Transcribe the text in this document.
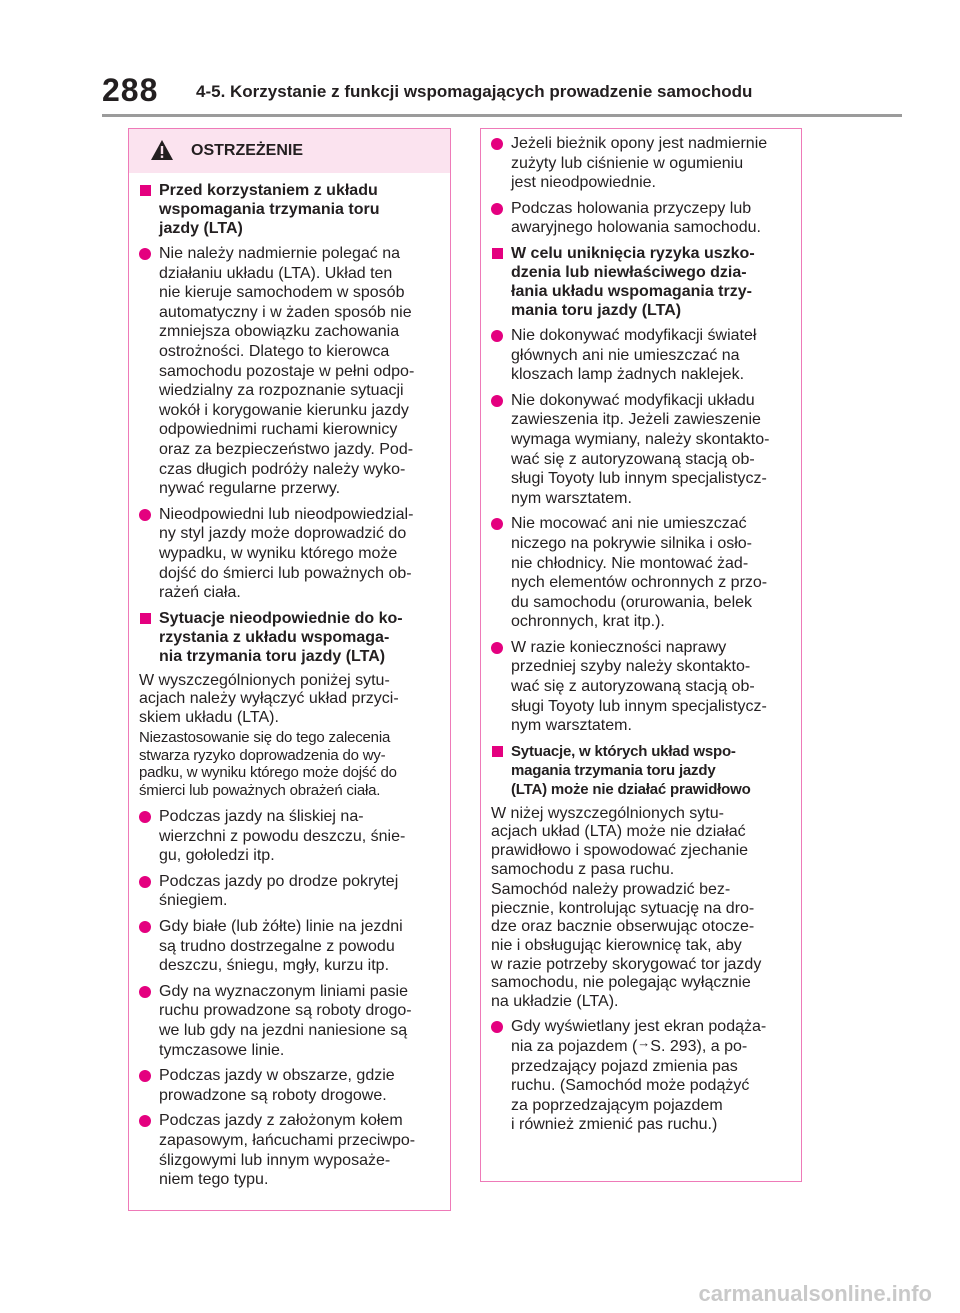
288 4-5. Korzystanie z funkcji wspomagających prowadzenie samochodu
OSTRZEŻENIE
Przed korzystaniem z układu
wspomagania trzymania toru
jazdy (LTA)
Nie należy nadmiernie polegać na
działaniu układu (LTA). Układ ten
nie kieruje samochodem w sposób
automatyczny i w żaden sposób nie
zmniejsza obowiązku zachowania
ostrożności. Dlatego to kierowca
samochodu pozostaje w pełni odpo-
wiedzialny za rozpoznanie sytuacji
wokół i korygowanie kierunku jazdy
odpowiednimi ruchami kierownicy
oraz za bezpieczeństwo jazdy. Pod-
czas długich podróży należy wyko-
nywać regularne przerwy.
Nieodpowiedni lub nieodpowiedzial-
ny styl jazdy może doprowadzić do
wypadku, w wyniku którego może
dojść do śmierci lub poważnych ob-
rażeń ciała.
Sytuacje nieodpowiednie do ko-
rzystania z układu wspomaga-
nia trzymania toru jazdy (LTA)
W wyszczególnionych poniżej sytu-
acjach należy wyłączyć układ przyci-
skiem układu (LTA).
Niezastosowanie się do tego zalecenia
stwarza ryzyko doprowadzenia do wy-
padku, w wyniku którego może dojść do
śmierci lub poważnych obrażeń ciała.
Podczas jazdy na śliskiej na-
wierzchni z powodu deszczu, śnie-
gu, gołoledzi itp.
Podczas jazdy po drodze pokrytej
śniegiem.
Gdy białe (lub żółte) linie na jezdni
są trudno dostrzegalne z powodu
deszczu, śniegu, mgły, kurzu itp.
Gdy na wyznaczonym liniami pasie
ruchu prowadzone są roboty drogo-
we lub gdy na jezdni naniesione są
tymczasowe linie.
Podczas jazdy w obszarze, gdzie
prowadzone są roboty drogowe.
Podczas jazdy z założonym kołem
zapasowym, łańcuchami przeciwpo-
ślizgowymi lub innym wyposaże-
niem tego typu.
Jeżeli bieżnik opony jest nadmiernie
zużyty lub ciśnienie w ogumieniu
jest nieodpowiednie.
Podczas holowania przyczepy lub
awaryjnego holowania samochodu.
W celu uniknięcia ryzyka uszko-
dzenia lub niewłaściwego dzia-
łania układu wspomagania trzy-
mania toru jazdy (LTA)
Nie dokonywać modyfikacji świateł
głównych ani nie umieszczać na
kloszach lamp żadnych naklejek.
Nie dokonywać modyfikacji układu
zawieszenia itp. Jeżeli zawieszenie
wymaga wymiany, należy skontakto-
wać się z autoryzowaną stacją ob-
sługi Toyoty lub innym specjalistycz-
nym warsztatem.
Nie mocować ani nie umieszczać
niczego na pokrywie silnika i osło-
nie chłodnicy. Nie montować żad-
nych elementów ochronnych z przo-
du samochodu (orurowania, belek
ochronnych, krat itp.).
W razie konieczności naprawy
przedniej szyby należy skontakto-
wać się z autoryzowaną stacją ob-
sługi Toyoty lub innym specjalistycz-
nym warsztatem.
Sytuacje, w których układ wspo-
magania trzymania toru jazdy
(LTA) może nie działać prawidłowo
W niżej wyszczególnionych sytu-
acjach układ (LTA) może nie działać
prawidłowo i spowodować zjechanie
samochodu z pasa ruchu.
Samochód należy prowadzić bez-
piecznie, kontrolując sytuację na dro-
dze oraz bacznie obserwując otocze-
nie i obsługując kierownicę tak, aby
w razie potrzeby skorygować tor jazdy
samochodu, nie polegając wyłącznie
na układzie (LTA).
Gdy wyświetlany jest ekran podąża-
nia za pojazdem (→S. 293), a po-
przedzający pojazd zmienia pas
ruchu. (Samochód może podążyć
za poprzedzającym pojazdem
i również zmienić pas ruchu.)
carmanualsonline.info
